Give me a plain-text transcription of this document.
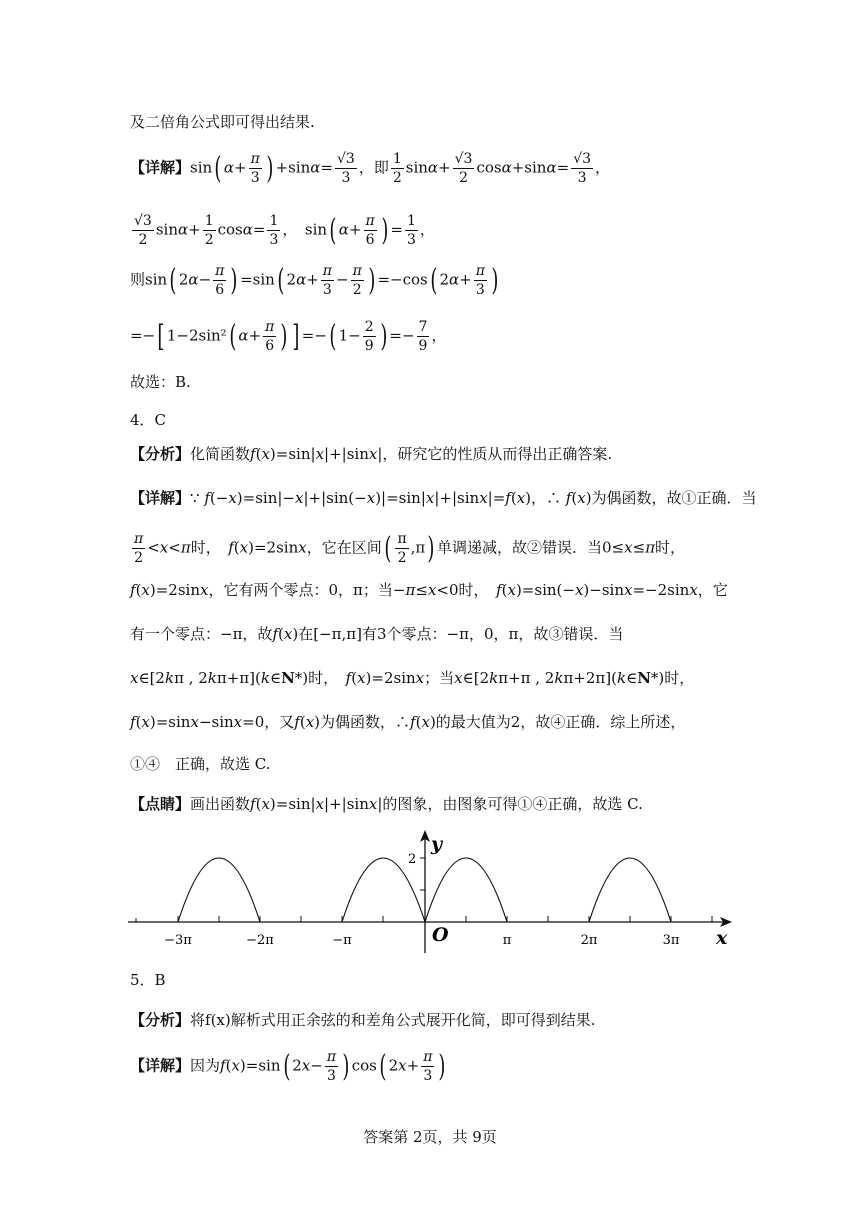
及二倍角公式即可得出结果.
【详解】sin( $\alpha+ \frac{\pi}{3}$ ) $+\sin\alpha= \frac{√3}{3}$ ，即 $\frac{1}{2} \sin\alpha+ \frac{√3}{2} \cos\alpha+\sin\alpha= \frac{√3}{3}$ ，
$\frac{√3}{2} \sin\alpha+ \frac{1}{2} \cos\alpha= \frac{1}{3}$ ，　sin( $\alpha+ \frac{\pi}{6}$ ) = $\frac{1}{3}$ ，
则sin( $2\alpha- \frac{\pi}{6}$ ) =sin( $2\alpha+ \frac{\pi}{3} - \frac{\pi}{2}$ ) =−cos( $2\alpha+ \frac{\pi}{3}$ )
=−[ 1−2sin²( $\alpha+ \frac{\pi}{6}$ ) ] =−( $1- \frac{2}{9}$ ) =− $\frac{7}{9}$ ，
故选：B.
4．C
【分析】化简函数f(x)=sin|x|+|sinx|，研究它的性质从而得出正确答案.
【详解】∵ f(−x)=sin|−x|+|sin(−x)|=sin|x|+|sinx|=f(x)，∴ f(x)为偶函数，故①正确．当
$\frac{\pi}{2} <x<\pi$时，　 f(x)=2sinx，它在区间( $\frac{\pi}{2} ,\pi$) 单调递减，故②错误．当0≤x≤π时，
f(x)=2sinx，它有两个零点：0，π；当−π≤x<0时，　 f(x)=sin(−x)−sinx=−2sinx，它
有一个零点：−π，故f(x)在[−π,π]有3个零点：−π，0，π，故③错误．当
x∈[2kπ , 2kπ+π](k∈N*)时，　f(x)=2sinx；当x∈[2kπ+π , 2kπ+2π](k∈N*)时，
f(x)=sinx−sinx=0，又f(x)为偶函数，∴f(x)的最大值为2，故④正确．综上所述，
①④　正确，故选 C.
【点睛】画出函数f(x)=sin|x|+|sinx|的图象，由图象可得①④正确，故选 C.
−3π	−2π	−π	π	2π	3π
O	x
y
2
5．B
【分析】将f(x)解析式用正余弦的和差角公式展开化简，即可得到结果.
【详解】因为f(x)=sin( $2x- \frac{\pi}{3}$ ) cos( $2x+ \frac{\pi}{3}$ )
答案第 2页，共 9页
